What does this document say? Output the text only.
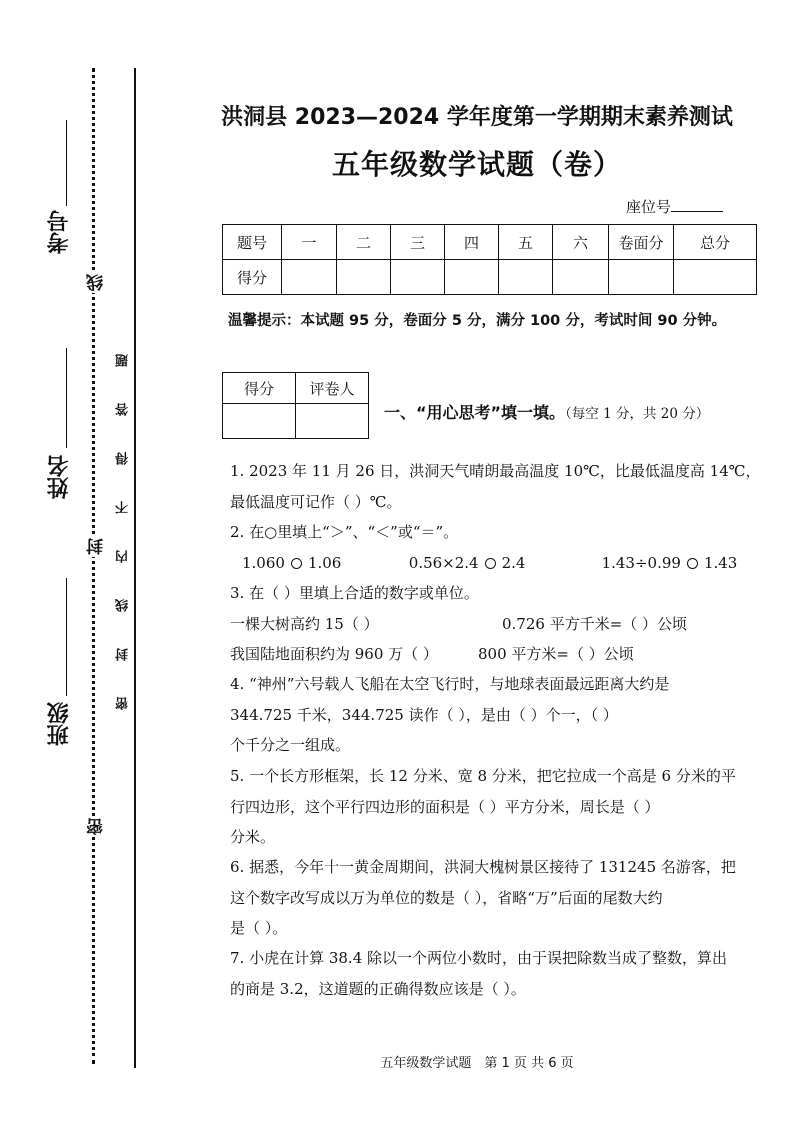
考号
姓名
班级
线
封
密
密封线内不得答题
洪洞县 2023—2024 学年度第一学期期末素养测试
五年级数学试题（卷）
座位号
题号	一	二	三	四	五	六	卷面分	总分
得分								
温馨提示：本试题 95 分，卷面分 5 分，满分 100 分，考试时间 90 分钟。
得分	评卷人

一、“用心思考”填一填。（每空 1 分，共 20 分）
1. 2023 年 11 月 26 日，洪洞天气晴朗最高温度 10℃，比最低温度高 14℃，
最低温度可记作（ ）℃。
2. 在○里填上“＞”、“＜”或“＝”。
1.060 1.06	0.56×2.4 2.4	1.43÷0.99 1.43
3. 在（ ）里填上合适的数字或单位。
一棵大树高约 15（ ）	0.726 平方千米=（ ）公顷
我国陆地面积约为 960 万（ ）	800 平方米=（ ）公顷
4. “神州”六号载人飞船在太空飞行时，与地球表面最远距离大约是
344.725 千米，344.725 读作（ ），是由（ ）个一，（ ）
个千分之一组成。
5. 一个长方形框架，长 12 分米、宽 8 分米，把它拉成一个高是 6 分米的平
行四边形，这个平行四边形的面积是（ ）平方分米，周长是（ ）
分米。
6. 据悉，今年十一黄金周期间，洪洞大槐树景区接待了 131245 名游客，把
这个数字改写成以万为单位的数是（ ），省略“万”后面的尾数大约
是（ ）。
7. 小虎在计算 38.4 除以一个两位小数时，由于误把除数当成了整数，算出
的商是 3.2，这道题的正确得数应该是（ ）。
五年级数学试题　第 1 页 共 6 页
